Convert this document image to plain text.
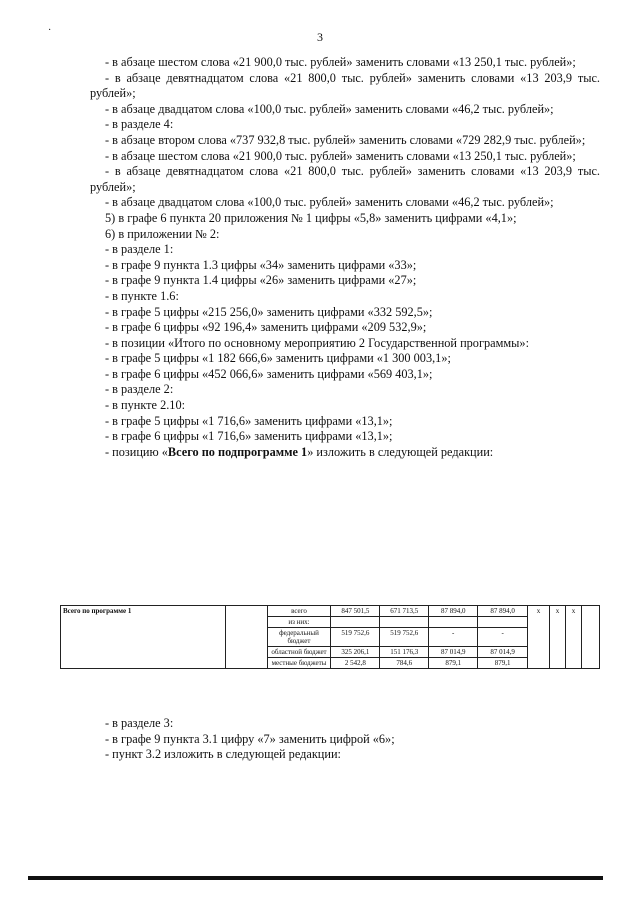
·	3

- в абзаце шестом слова «21 900,0 тыс. рублей» заменить словами «13 250,1 тыс. рублей»;

- в абзаце девятнадцатом слова «21 800,0 тыс. рублей» заменить словами «13 203,9 тыс. рублей»;

- в абзаце двадцатом слова «100,0 тыс. рублей» заменить словами «46,2 тыс. рублей»;

- в разделе 4:

- в абзаце втором слова «737 932,8 тыс. рублей» заменить словами «729 282,9 тыс. рублей»;

- в абзаце шестом слова «21 900,0 тыс. рублей» заменить словами «13 250,1 тыс. рублей»;

- в абзаце девятнадцатом слова «21 800,0 тыс. рублей» заменить словами «13 203,9 тыс. рублей»;

- в абзаце двадцатом слова «100,0 тыс. рублей» заменить словами «46,2 тыс. рублей»;

5) в графе 6 пункта 20 приложения № 1 цифры «5,8» заменить цифрами «4,1»;

6) в приложении № 2:

- в разделе 1:

- в графе 9 пункта 1.3 цифры «34» заменить цифрами «33»;

- в графе 9 пункта 1.4 цифры «26» заменить цифрами «27»;

- в пункте 1.6:

- в графе 5 цифры «215 256,0» заменить цифрами «332 592,5»;

- в графе 6 цифры «92 196,4» заменить цифрами «209 532,9»;

- в позиции «Итого по основному мероприятию 2 Государственной программы»:

- в графе 5 цифры «1 182 666,6» заменить цифрами «1 300 003,1»;

- в графе 6 цифры «452 066,6» заменить цифрами «569 403,1»;

- в разделе 2:

- в пункте 2.10:

- в графе 5 цифры «1 716,6» заменить цифрами «13,1»;

- в графе 6 цифры «1 716,6» заменить цифрами «13,1»;

- позицию «Всего по подпрограмме 1» изложить в следующей редакции:

Всего по программе 1		всего	847 501,5	671 713,5	87 894,0	87 894,0	х	х	х	
		из них:								
		федеральный бюджет	519 752,6	519 752,6	-	-				
		областной бюджет	325 206,1	151 176,3	87 014,9	87 014,9				
		местные бюджеты	2 542,8	784,6	879,1	879,1				

- в разделе 3:

- в графе 9 пункта 3.1 цифру «7» заменить цифрой «6»;

- пункт 3.2 изложить в следующей редакции:
